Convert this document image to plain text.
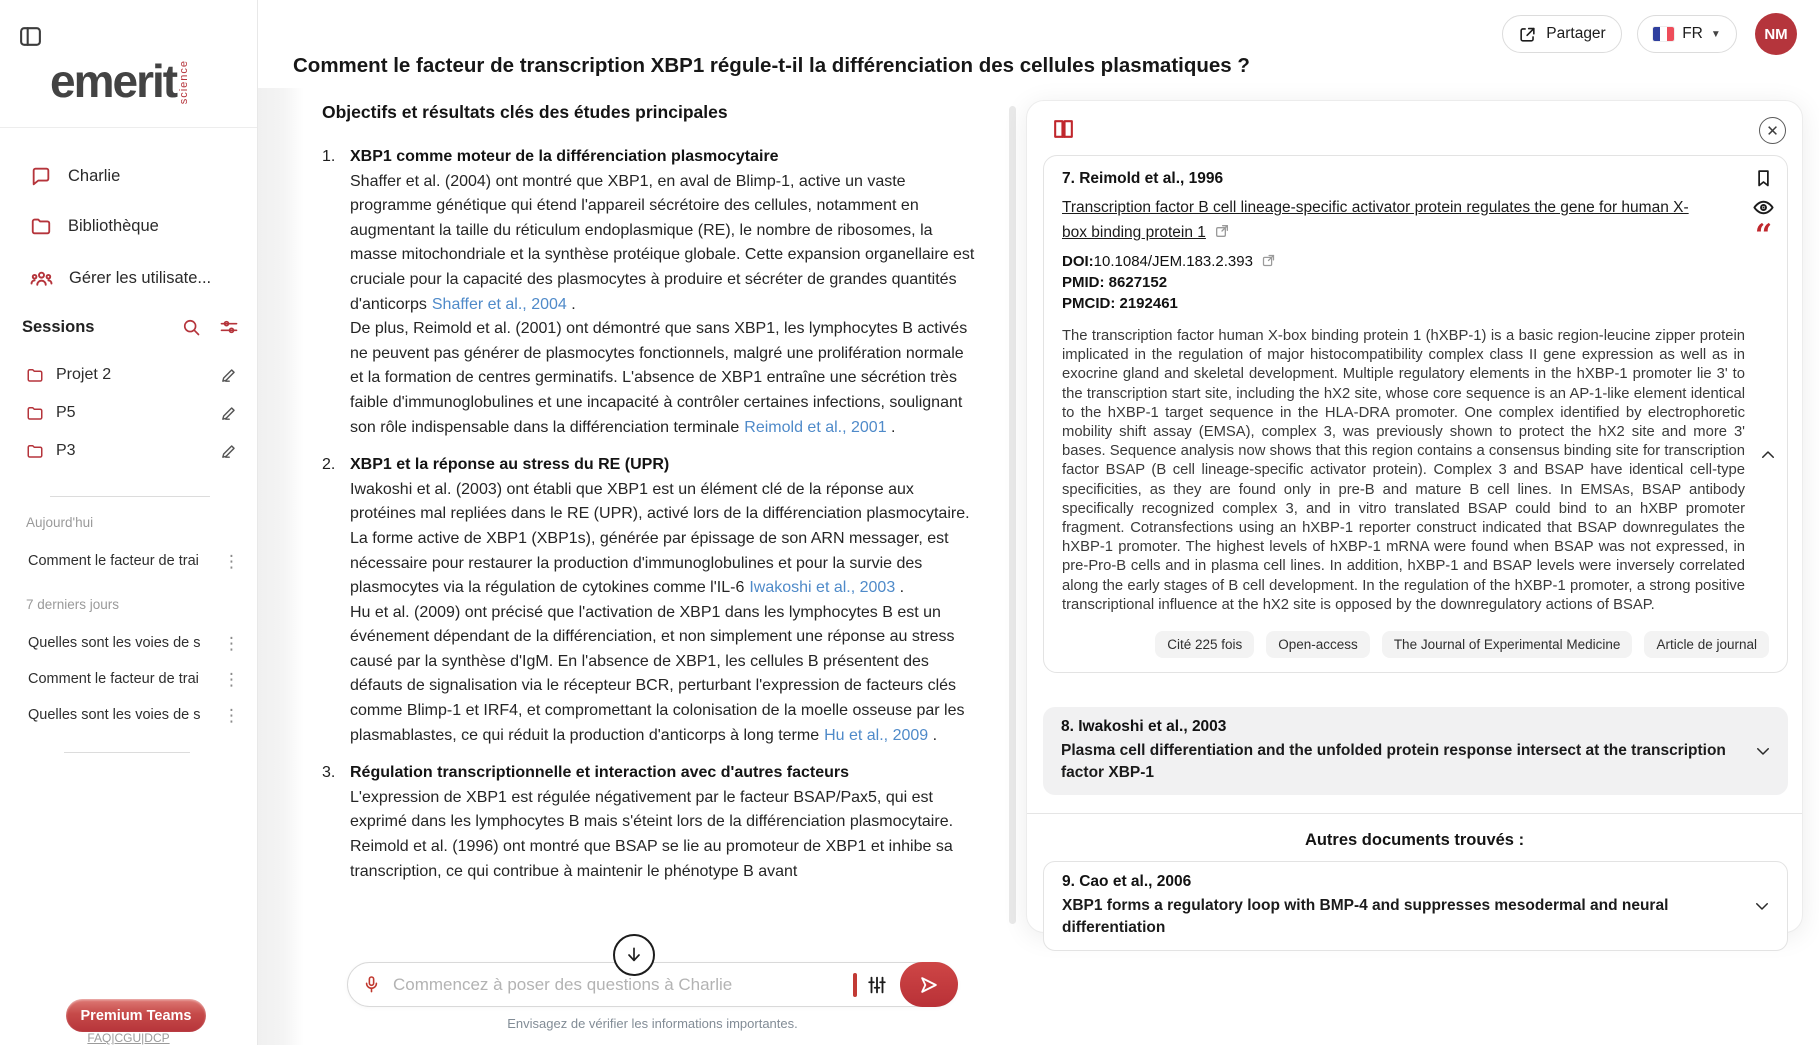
emerit science
Charlie
Bibliothèque
Gérer les utilisate...
Sessions
Projet 2
P5
P3
Aujourd'hui
Comment le facteur de trai	⋮
7 derniers jours
Quelles sont les voies de s ⋮
Comment le facteur de trai	⋮
Quelles sont les voies de s ⋮
Premium Teams
FAQ|CGU|DCP
Comment le facteur de transcription XBP1 régule-t-il la différenciation des cellules plasmatiques ?
Partager	FR ▼	NM
Objectifs et résultats clés des études principales
1. XBP1 comme moteur de la différenciation plasmocytaire

Shaffer et al. (2004) ont montré que XBP1, en aval de Blimp-1, active un vaste programme génétique qui étend l'appareil sécrétoire des cellules, notamment en augmentant la taille du réticulum endoplasmique (RE), le nombre de ribosomes, la masse mitochondriale et la synthèse protéique globale. Cette expansion organellaire est cruciale pour la capacité des plasmocytes à produire et sécréter de grandes quantités d'anticorps Shaffer et al., 2004 .

De plus, Reimold et al. (2001) ont démontré que sans XBP1, les lymphocytes B activés ne peuvent pas générer de plasmocytes fonctionnels, malgré une prolifération normale et la formation de centres germinatifs. L'absence de XBP1 entraîne une sécrétion très faible d'immunoglobulines et une incapacité à contrôler certaines infections, soulignant son rôle indispensable dans la différenciation terminale Reimold et al., 2001 .

2. XBP1 et la réponse au stress du RE (UPR)

Iwakoshi et al. (2003) ont établi que XBP1 est un élément clé de la réponse aux protéines mal repliées dans le RE (UPR), activé lors de la différenciation plasmocytaire. La forme active de XBP1 (XBP1s), générée par épissage de son ARN messager, est nécessaire pour restaurer la production d'immunoglobulines et pour la survie des plasmocytes via la régulation de cytokines comme l'IL-6 Iwakoshi et al., 2003 .

Hu et al. (2009) ont précisé que l'activation de XBP1 dans les lymphocytes B est un événement dépendant de la différenciation, et non simplement une réponse au stress causé par la synthèse d'IgM. En l'absence de XBP1, les cellules B présentent des défauts de signalisation via le récepteur BCR, perturbant l'expression de facteurs clés comme Blimp-1 et IRF4, et compromettant la colonisation de la moelle osseuse par les plasmablastes, ce qui réduit la production d'anticorps à long terme Hu et al., 2009 .

3. Régulation transcriptionnelle et interaction avec d'autres facteurs

L'expression de XBP1 est régulée négativement par le facteur BSAP/Pax5, qui est exprimé dans les lymphocytes B mais s'éteint lors de la différenciation plasmocytaire. Reimold et al. (1996) ont montré que BSAP se lie au promoteur de XBP1 et inhibe sa transcription, ce qui contribue à maintenir le phénotype B avant

✕
7. Reimold et al., 1996
Transcription factor B cell lineage-specific activator protein regulates the gene for human X-box binding protein 1
DOI:10.1084/JEM.183.2.393
PMID: 8627152
PMCID: 2192461
The transcription factor human X-box binding protein 1 (hXBP-1) is a basic region-leucine zipper protein implicated in the regulation of major histocompatibility complex class II gene expression as well as in exocrine gland and skeletal development. Multiple regulatory elements in the hXBP-1 promoter lie 3' to the transcription start site, including the hX2 site, whose core sequence is an AP-1-like element identical to the hXBP-1 target sequence in the HLA-DRA promoter. One complex identified by electrophoretic mobility shift assay (EMSA), complex 3, was previously shown to protect the hX2 site and more 3' bases. Sequence analysis now shows that this region contains a consensus binding site for transcription factor BSAP (B cell lineage-specific activator protein). Complex 3 and BSAP have identical cell-type specificities, as they are found only in pre-B and mature B cell lines. In EMSAs, BSAP antibody specifically recognized complex 3, and in vitro translated BSAP could bind to an hXBP promoter fragment. Cotransfections using an hXBP-1 reporter construct indicated that BSAP downregulates the hXBP-1 promoter. The highest levels of hXBP-1 mRNA were found when BSAP was not expressed, in pre-Pro-B cells and in plasma cell lines. In addition, hXBP-1 and BSAP levels were inversely correlated along the early stages of B cell development. In the regulation of the hXBP-1 promoter, a strong positive transcriptional influence at the hX2 site is opposed by the downregulatory actions of BSAP.
“
Cité 225 fois	Open-access	The Journal of Experimental Medicine	Article de journal
8. Iwakoshi et al., 2003
Plasma cell differentiation and the unfolded protein response intersect at the transcription factor XBP-1
Autres documents trouvés :
9. Cao et al., 2006
XBP1 forms a regulatory loop with BMP-4 and suppresses mesodermal and neural differentiation
Commencez à poser des questions à Charlie
Envisagez de vérifier les informations importantes.
